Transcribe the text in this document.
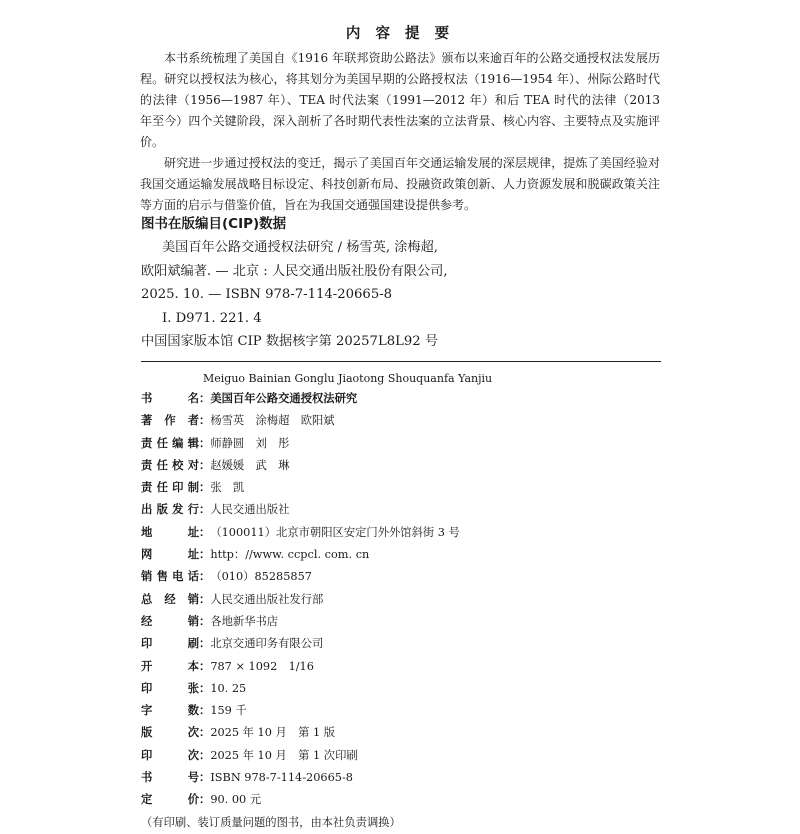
内 容 提 要

本书系统梳理了美国自《1916 年联邦资助公路法》颁布以来逾百年的公路交通授权法发展历程。研究以授权法为核心，将其划分为美国早期的公路授权法（1916—1954 年）、州际公路时代的法律（1956—1987 年）、TEA 时代法案（1991—2012 年）和后 TEA 时代的法律（2013 年至今）四个关键阶段，深入剖析了各时期代表性法案的立法背景、核心内容、主要特点及实施评价。

研究进一步通过授权法的变迁，揭示了美国百年交通运输发展的深层规律，提炼了美国经验对我国交通运输发展战略目标设定、科技创新布局、投融资政策创新、人力资源发展和脱碳政策关注等方面的启示与借鉴价值，旨在为我国交通强国建设提供参考。

图书在版编目(CIP)数据
美国百年公路交通授权法研究 / 杨雪英, 涂梅超,
欧阳斌编著. — 北京 : 人民交通出版社股份有限公司,
2025. 10. — ISBN 978-7-114-20665-8
Ⅰ. D971. 221. 4
中国国家版本馆 CIP 数据核字第 20257L8L92 号
Meiguo Bainian Gonglu Jiaotong Shouquanfa Yanjiu
书	名 ： 美国百年公路交通授权法研究
著 作 者 ： 杨雪英　涂梅超　欧阳斌
责 任 编 辑 ： 师静圆　刘　彤
责 任 校 对 ： 赵媛媛　武　琳
责 任 印 制 ： 张　凯
出 版 发 行 ： 人民交通出版社
地	址 ： （100011）北京市朝阳区安定门外外馆斜街 3 号
网	址 ： http：//www. ccpcl. com. cn
销 售 电 话 ： （010）85285857
总 经 销 ： 人民交通出版社发行部
经	销 ： 各地新华书店
印	刷 ： 北京交通印务有限公司
开	本 ： 787 × 1092　1/16
印	张 ： 10. 25
字	数 ： 159 千
版	次 ： 2025 年 10 月　第 1 版
印	次 ： 2025 年 10 月　第 1 次印刷
书	号 ： ISBN 978-7-114-20665-8
定	价 ： 90. 00 元
（有印刷、装订质量问题的图书，由本社负责调换）
